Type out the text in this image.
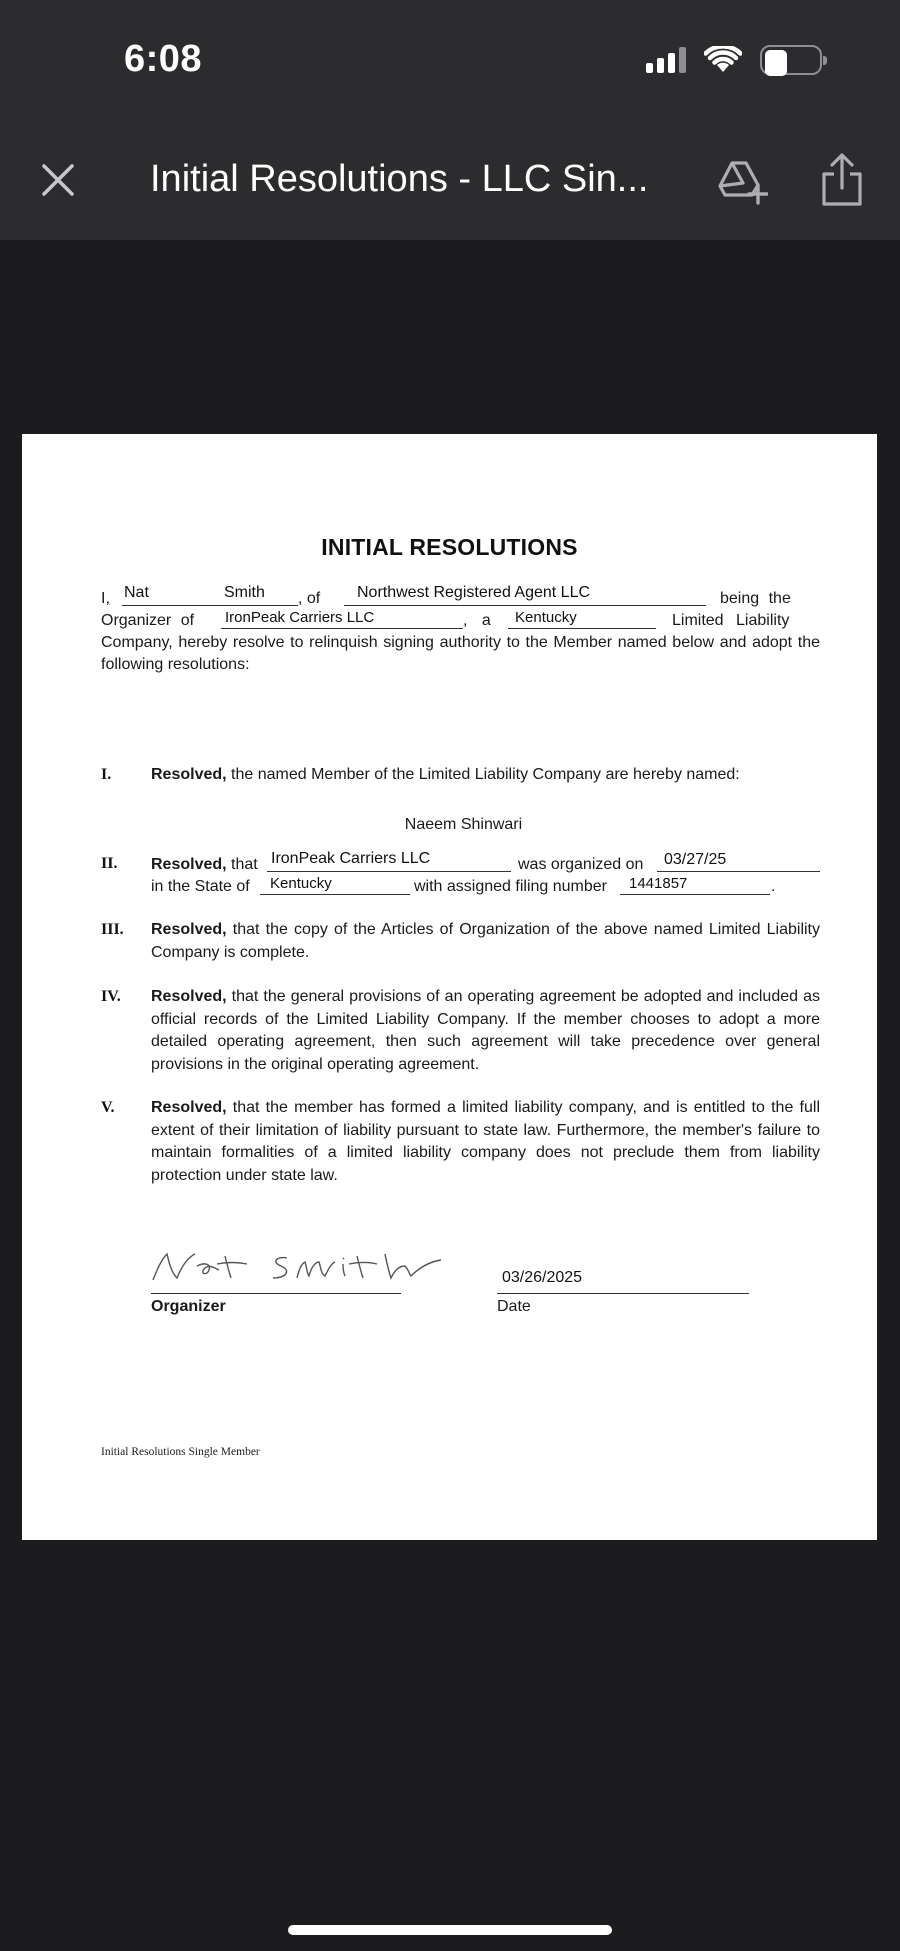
6:08
Initial Resolutions - LLC Sin...
INITIAL RESOLUTIONS
I, Nat	Smith , of Northwest Registered Agent LLC	being the
Organizer of IronPeak Carriers LLC	, a Kentucky	Limited Liability
Company, hereby resolve to relinquish signing authority to the Member named below and adopt the following resolutions:
I. Resolved, the named Member of the Limited Liability Company are hereby named:
Naeem Shinwari
II. Resolved, that IronPeak Carriers LLC	was organized on 03/27/25
in the State of Kentucky	with assigned filing number 1441857	.
III. Resolved, that the copy of the Articles of Organization of the above named Limited Liability Company is complete.
IV. Resolved, that the general provisions of an operating agreement be adopted and included as official records of the Limited Liability Company. If the member chooses to adopt a more detailed operating agreement, then such agreement will take precedence over general provisions in the original operating agreement.
V. Resolved, that the member has formed a limited liability company, and is entitled to the full extent of their limitation of liability pursuant to state law. Furthermore, the member's failure to maintain formalities of a limited liability company does not preclude them from liability protection under state law.
Organizer
03/26/2025
Date
Initial Resolutions Single Member
